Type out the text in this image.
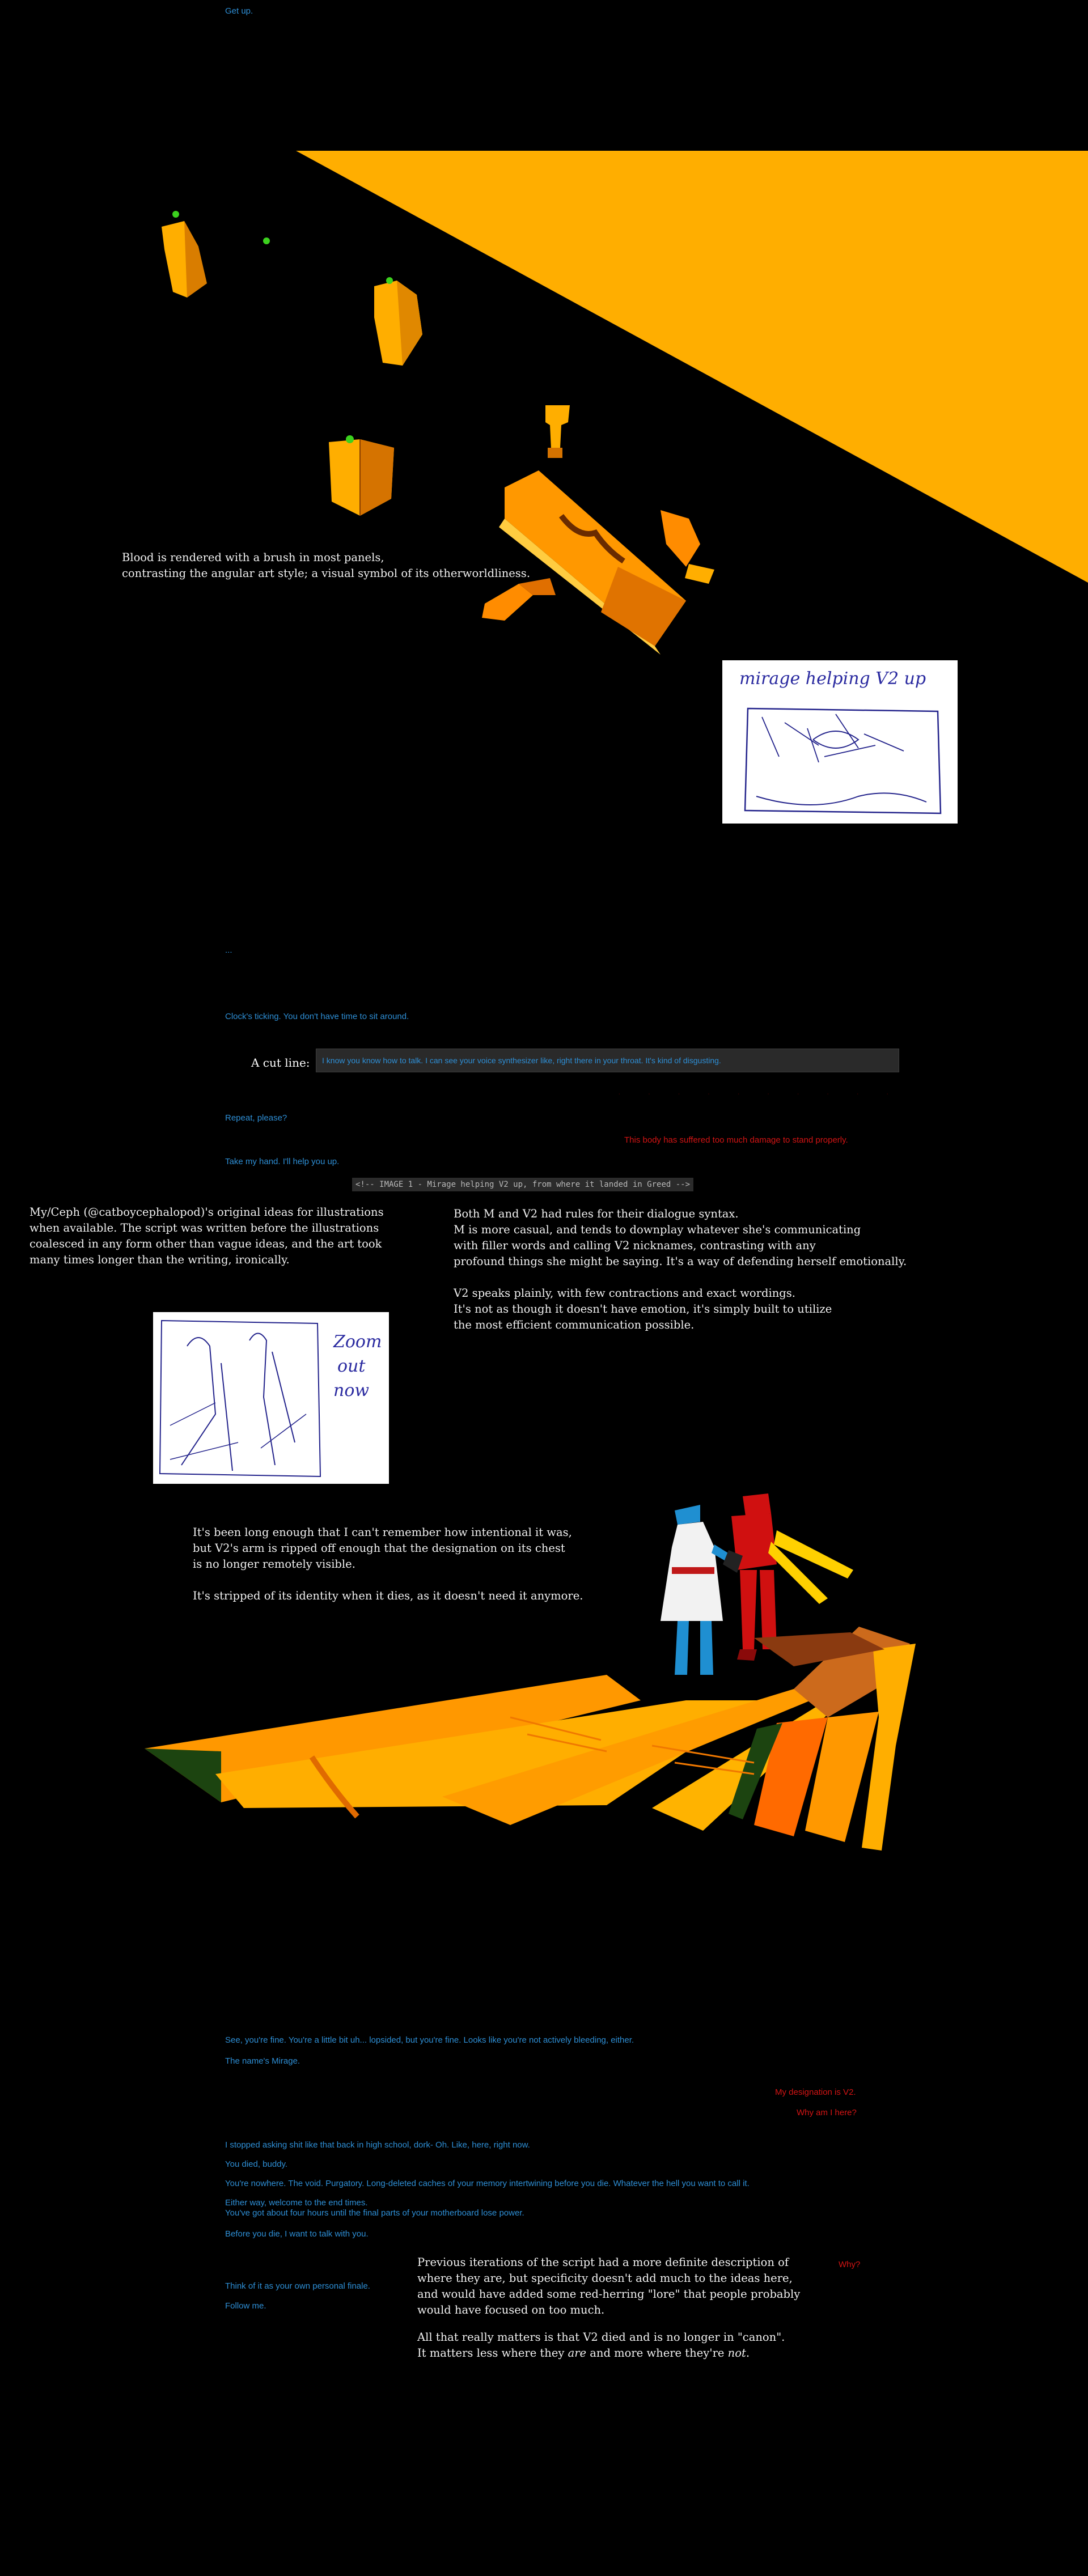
Get up.
Blood is rendered with a brush in most panels,
contrasting the angular art style; a visual symbol of its otherworldliness.
mirage helping V2 up
...
Clock's ticking. You don't have time to sit around.
A cut line:	I know you know how to talk. I can see your voice synthesizer like, right there in your throat. It's kind of disgusting.
· · · · · · · · · ·
Repeat, please?
This body has suffered too much damage to stand properly.
Take my hand. I'll help you up.
<!-- IMAGE 1 - Mirage helping V2 up, from where it landed in Greed -->
My/Ceph (@catboycephalopod)'s original ideas for illustrations when available. The script was written before the illustrations coalesced in any form other than vague ideas, and the art took many times longer than the writing, ironically.
Both M and V2 had rules for their dialogue syntax.
M is more casual, and tends to downplay whatever she's communicating
with filler words and calling V2 nicknames, contrasting with any
profound things she might be saying. It's a way of defending herself emotionally.
V2 speaks plainly, with few contractions and exact wordings.
It's not as though it doesn't have emotion, it's simply built to utilize
the most efficient communication possible.
Zoom
out
now
It's been long enough that I can't remember how intentional it was,
but V2's arm is ripped off enough that the designation on its chest
is no longer remotely visible.
It's stripped of its identity when it dies, as it doesn't need it anymore.
See, you're fine. You're a little bit uh... lopsided, but you're fine. Looks like you're not actively bleeding, either.
The name's Mirage.
My designation is V2.
Why am I here?
I stopped asking shit like that back in high school, dork- Oh. Like, here, right now.
You died, buddy.
You're nowhere. The void. Purgatory. Long-deleted caches of your memory intertwining before you die. Whatever the hell you want to call it.
Either way, welcome to the end times.
You've got about four hours until the final parts of your motherboard lose power.
Before you die, I want to talk with you.
Why?
Think of it as your own personal finale.
Follow me.
Previous iterations of the script had a more definite description of
where they are, but specificity doesn't add much to the ideas here,
and would have added some red-herring "lore" that people probably
would have focused on too much.
All that really matters is that V2 died and is no longer in "canon".
It matters less where they are and more where they're not.
